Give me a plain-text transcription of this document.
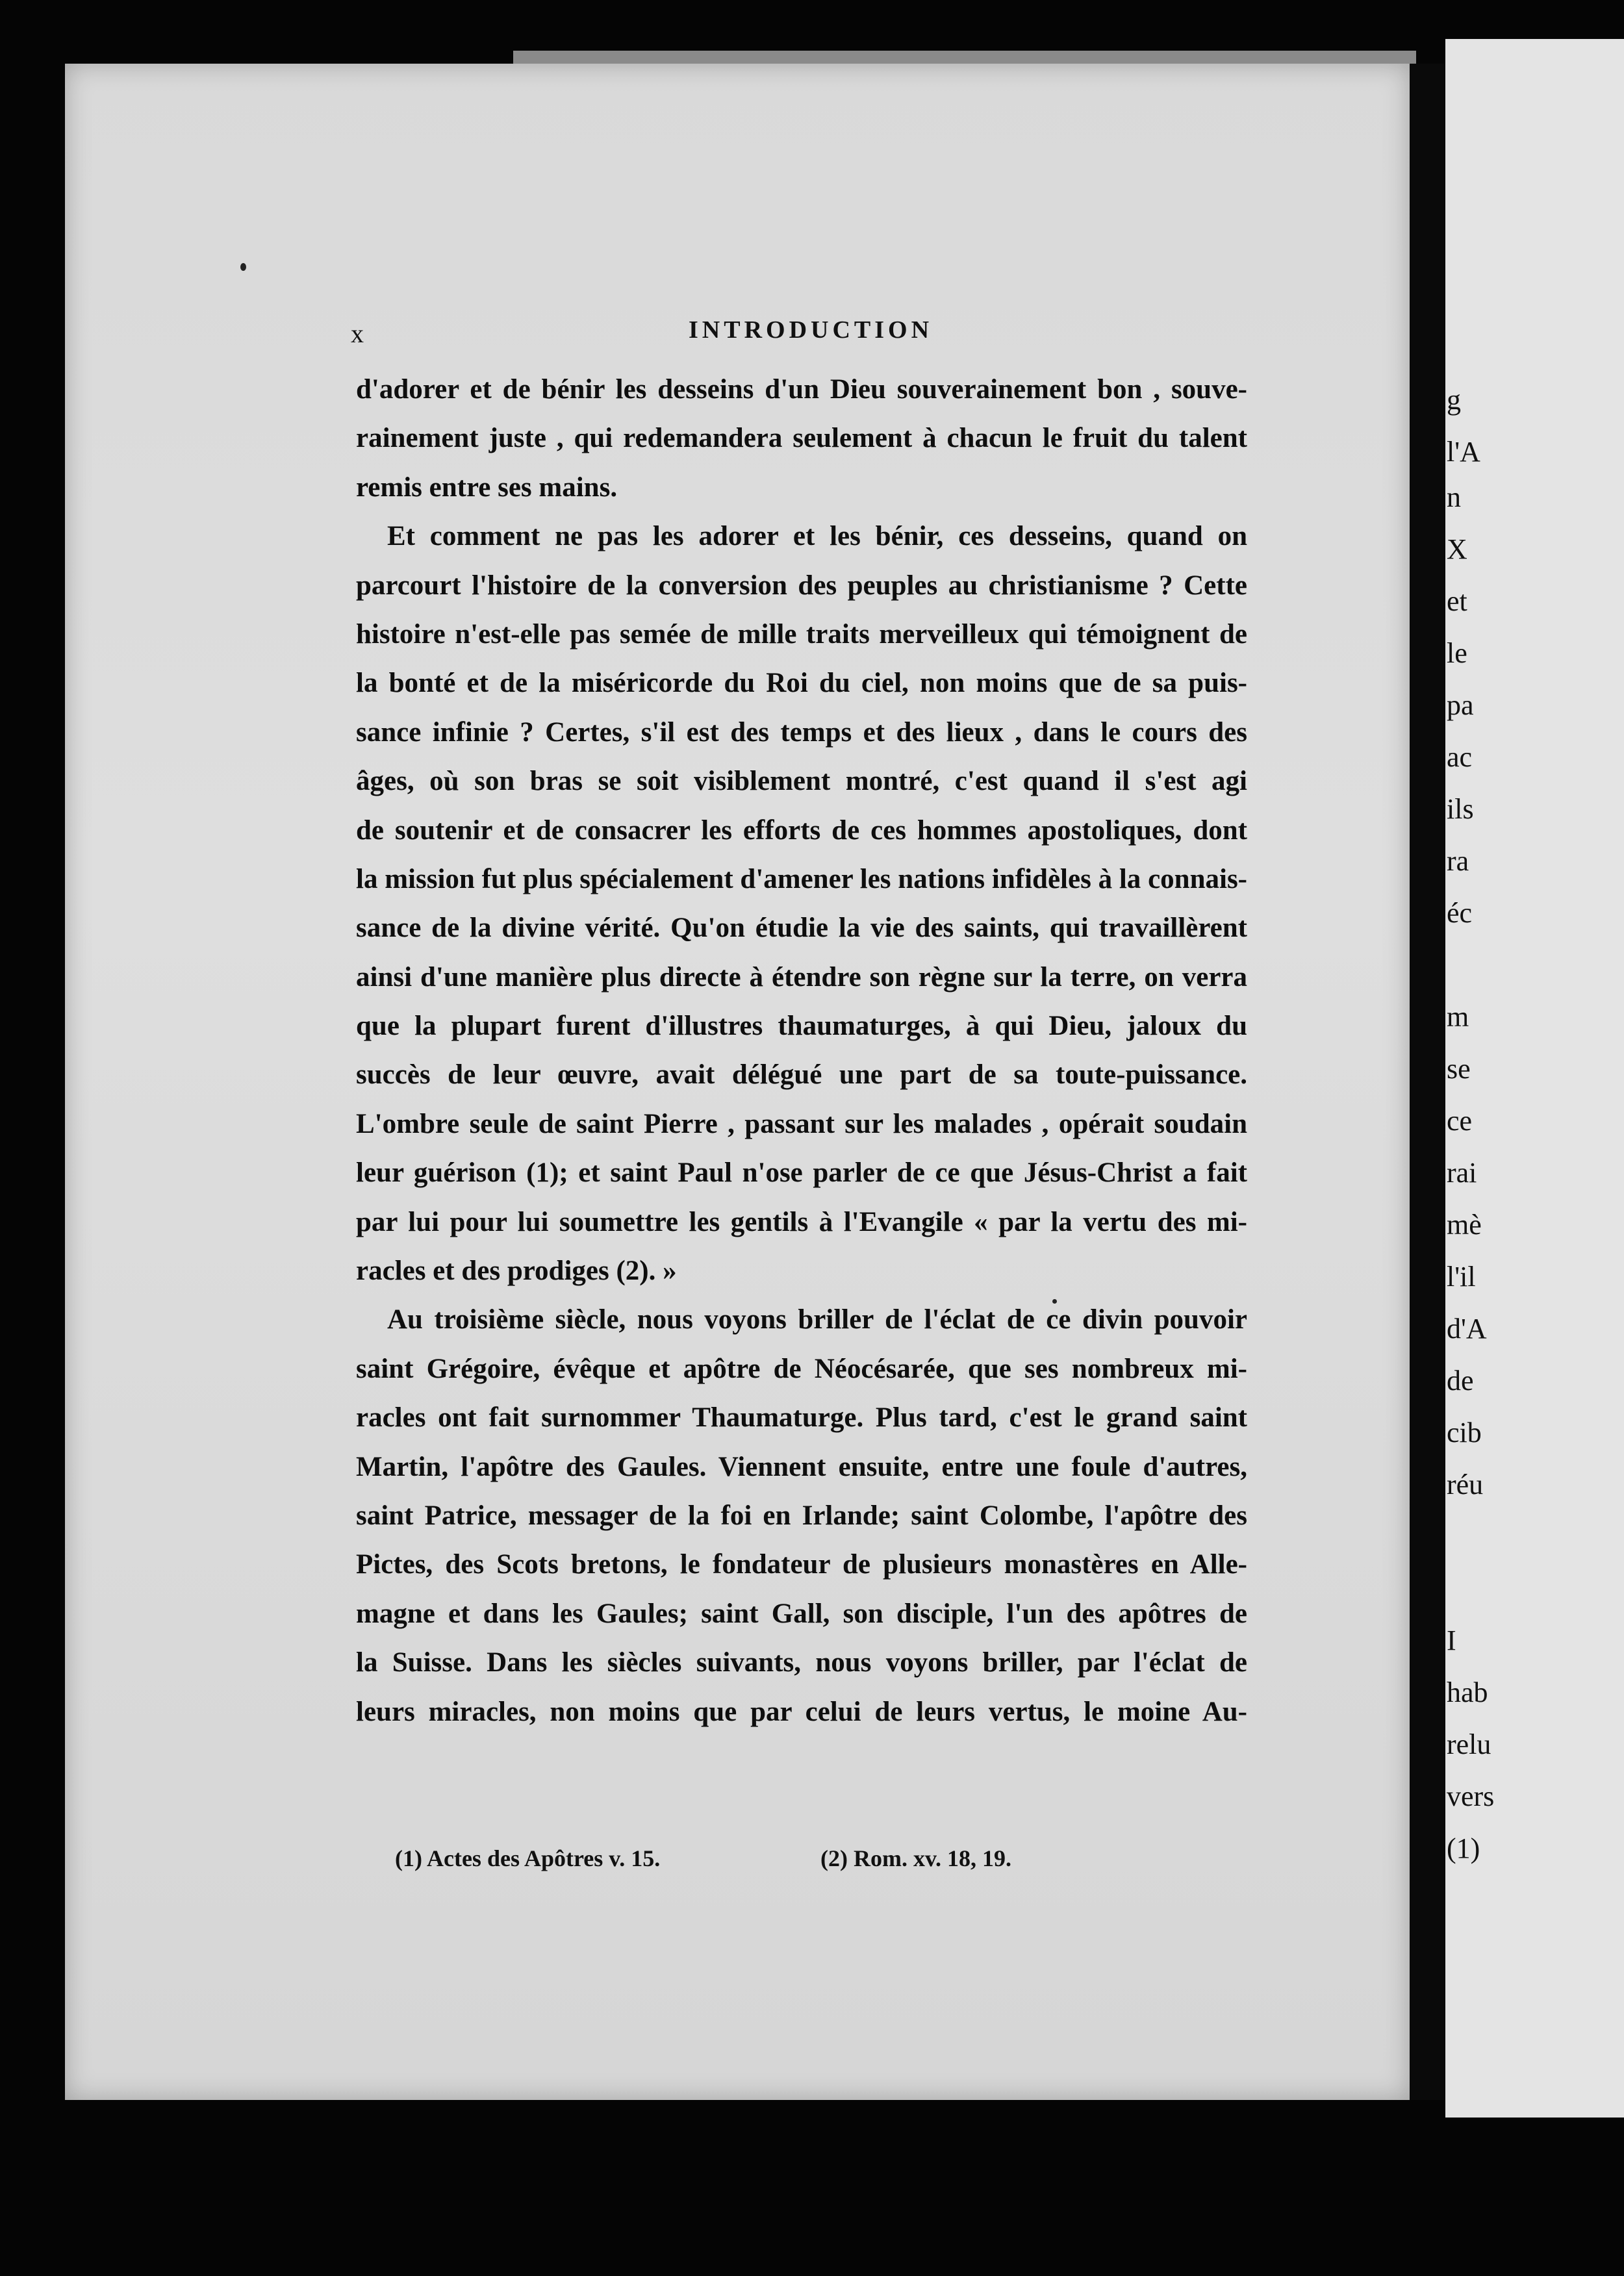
g
l'A
n
X
et
le
pa
ac
ils
ra
éc
m
se
ce
rai
mè
l'il
d'A
de
cib
réu
I
hab
relu
vers
(1)
x	INTRODUCTION
d'adorer et de bénir les desseins d'un Dieu souverainement bon , souve-
rainement juste , qui redemandera seulement à chacun le fruit du talent
remis entre ses mains.
Et comment ne pas les adorer et les bénir, ces desseins, quand on
parcourt l'histoire de la conversion des peuples au christianisme ? Cette
histoire n'est-elle pas semée de mille traits merveilleux qui témoignent de
la bonté et de la miséricorde du Roi du ciel, non moins que de sa puis-
sance infinie ? Certes, s'il est des temps et des lieux , dans le cours des
âges, où son bras se soit visiblement montré, c'est quand il s'est agi
de soutenir et de consacrer les efforts de ces hommes apostoliques, dont
la mission fut plus spécialement d'amener les nations infidèles à la connais-
sance de la divine vérité. Qu'on étudie la vie des saints, qui travaillèrent
ainsi d'une manière plus directe à étendre son règne sur la terre, on verra
que la plupart furent d'illustres thaumaturges, à qui Dieu, jaloux du
succès de leur œuvre, avait délégué une part de sa toute-puissance.
L'ombre seule de saint Pierre , passant sur les malades , opérait soudain
leur guérison (1); et saint Paul n'ose parler de ce que Jésus-Christ a fait
par lui pour lui soumettre les gentils à l'Evangile « par la vertu des mi-
racles et des prodiges (2). »
Au troisième siècle, nous voyons briller de l'éclat de ce divin pouvoir
saint Grégoire, évêque et apôtre de Néocésarée, que ses nombreux mi-
racles ont fait surnommer Thaumaturge. Plus tard, c'est le grand saint
Martin, l'apôtre des Gaules. Viennent ensuite, entre une foule d'autres,
saint Patrice, messager de la foi en Irlande; saint Colombe, l'apôtre des
Pictes, des Scots bretons, le fondateur de plusieurs monastères en Alle-
magne et dans les Gaules; saint Gall, son disciple, l'un des apôtres de
la Suisse. Dans les siècles suivants, nous voyons briller, par l'éclat de
leurs miracles, non moins que par celui de leurs vertus, le moine Au-
(1) Actes des Apôtres v. 15.	(2) Rom. xv. 18, 19.
